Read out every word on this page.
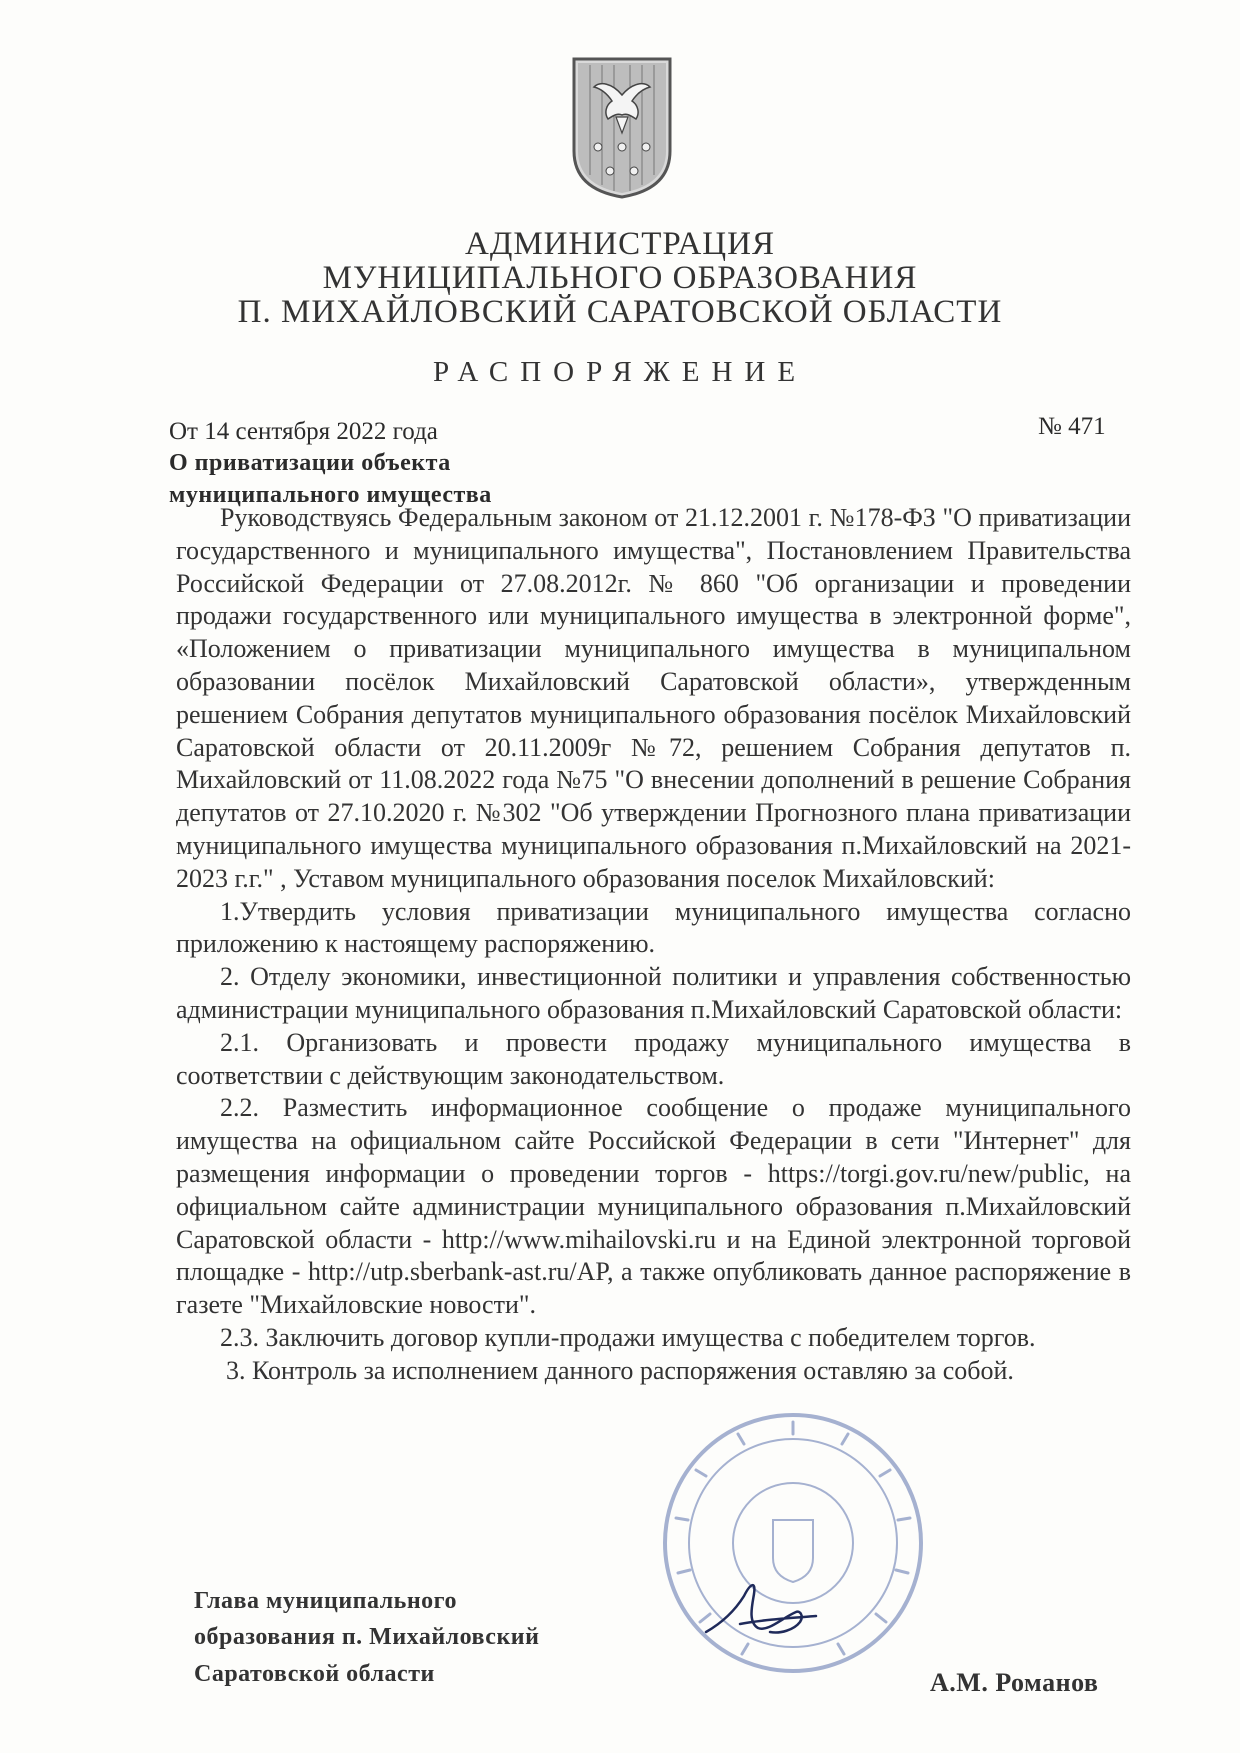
АДМИНИСТРАЦИЯ
МУНИЦИПАЛЬНОГО ОБРАЗОВАНИЯ
П. МИХАЙЛОВСКИЙ САРАТОВСКОЙ ОБЛАСТИ
РАСПОРЯЖЕНИЕ
От 14 сентября 2022 года	№ 471
О приватизации объекта
муниципального имущества

Руководствуясь Федеральным законом от 21.12.2001 г. №178-ФЗ "О приватизации государственного и муниципального имущества", Постановлением Правительства Российской Федерации от 27.08.2012г. № 860 "Об организации и проведении продажи государственного или муниципального имущества в электронной форме", «Положением о приватизации муниципального имущества в муниципальном образовании посёлок Михайловский Саратовской области», утвержденным решением Собрания депутатов муниципального образования посёлок Михайловский Саратовской области от 20.11.2009г №72, решением Собрания депутатов п. Михайловский от 11.08.2022 года №75 "О внесении дополнений в решение Собрания депутатов от 27.10.2020 г. №302 "Об утверждении Прогнозного плана приватизации муниципального имущества муниципального образования п.Михайловский на 2021-2023 г.г." , Уставом муниципального образования поселок Михайловский:

1.Утвердить условия приватизации муниципального имущества согласно приложению к настоящему распоряжению.

2. Отделу экономики, инвестиционной политики и управления собственностью администрации муниципального образования п.Михайловский Саратовской области:

2.1. Организовать и провести продажу муниципального имущества в соответствии с действующим законодательством.

2.2. Разместить информационное сообщение о продаже муниципального имущества на официальном сайте Российской Федерации в сети "Интернет" для размещения информации о проведении торгов - https://torgi.gov.ru/new/public, на официальном сайте администрации муниципального образования п.Михайловский Саратовской области - http://www.mihailovski.ru и на Единой электронной торговой площадке - http://utp.sberbank-ast.ru/AP, а также опубликовать данное распоряжение в газете "Михайловские новости".

2.3. Заключить договор купли-продажи имущества с победителем торгов.

3. Контроль за исполнением данного распоряжения оставляю за собой.

Глава муниципального
образования п. Михайловский
Саратовской области	А.М. Романов
